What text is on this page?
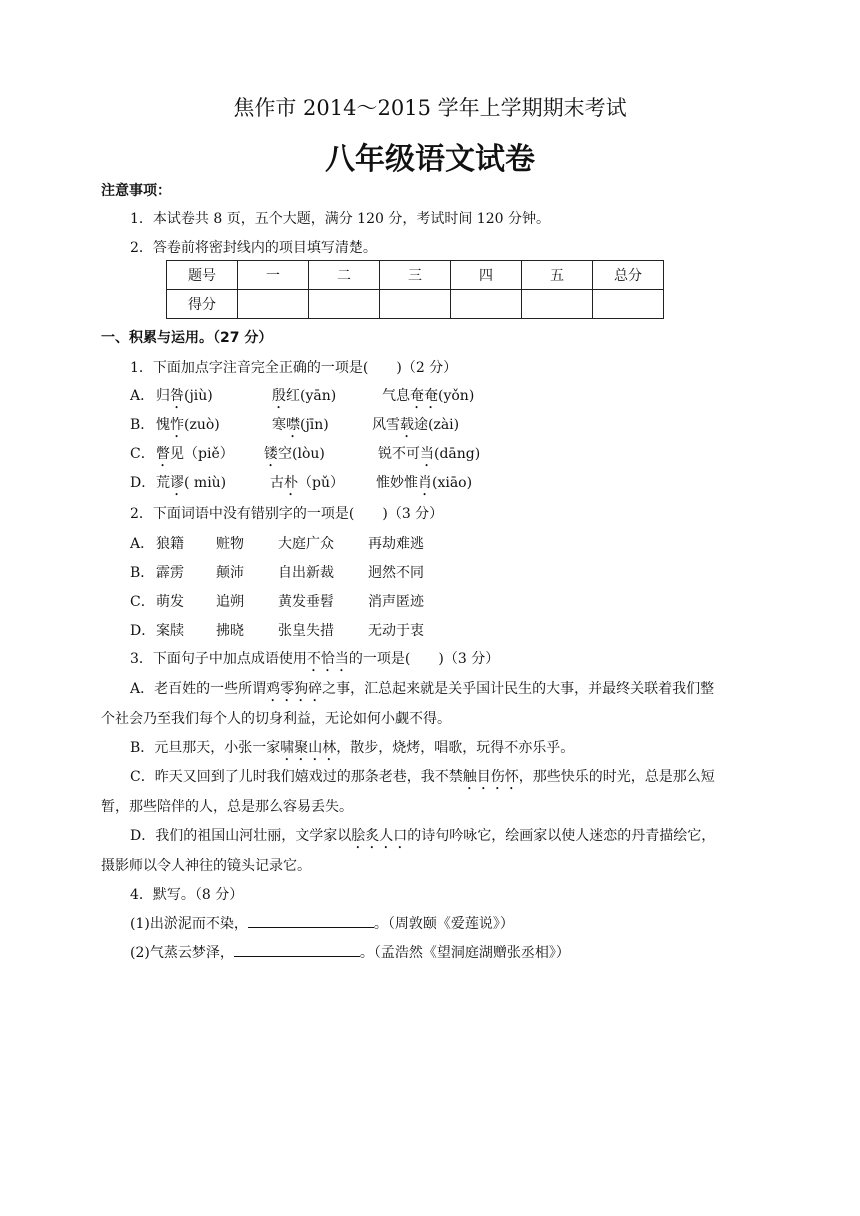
焦作市 2014～2015 学年上学期期末考试
八年级语文试卷
注意事项：
1．本试卷共 8 页，五个大题，满分 120 分，考试时间 120 分钟。
2．答卷前将密封线内的项目填写清楚。
题号	一	二	三	四	五	总分
得分						
一、积累与运用。（27 分）
1．下面加点字注音完全正确的一项是(　　)（2 分）
A． 归咎(jiù)	殷红(yān)	气息奄奄(yǒn)
B． 愧怍(zuò)	寒噤(jīn)	风雪载途(zài)
C． 瞥见（piě） 镂空(lòu)	锐不可当(dāng)
D． 荒谬( miù)	古朴（pǔ） 惟妙惟肖(xiāo)
2．下面词语中没有错别字的一项是(　　)（3 分）
A． 狼籍 赃物 大庭广众 再劫难逃
B． 霹雳 颠沛 自出新裁 迥然不同
C． 萌发 追朔 黄发垂髫 消声匿迹
D． 案牍 拂晓 张皇失措 无动于衷
3．下面句子中加点成语使用不恰当的一项是(　　)（3 分）
A．老百姓的一些所谓鸡零狗碎之事，汇总起来就是关乎国计民生的大事，并最终关联着我们整
个社会乃至我们每个人的切身利益，无论如何小觑不得。
B．元旦那天，小张一家啸聚山林，散步，烧烤，唱歌，玩得不亦乐乎。
C．昨天又回到了儿时我们嬉戏过的那条老巷，我不禁触目伤怀，那些快乐的时光，总是那么短
暂，那些陪伴的人，总是那么容易丢失。
D．我们的祖国山河壮丽，文学家以脍炙人口的诗句吟咏它，绘画家以使人迷恋的丹青描绘它，
摄影师以令人神往的镜头记录它。
4．默写。（8 分）
(1)出淤泥而不染，	。（周敦颐《爱莲说》）
(2)气蒸云梦泽，	。（孟浩然《望洞庭湖赠张丞相》）
